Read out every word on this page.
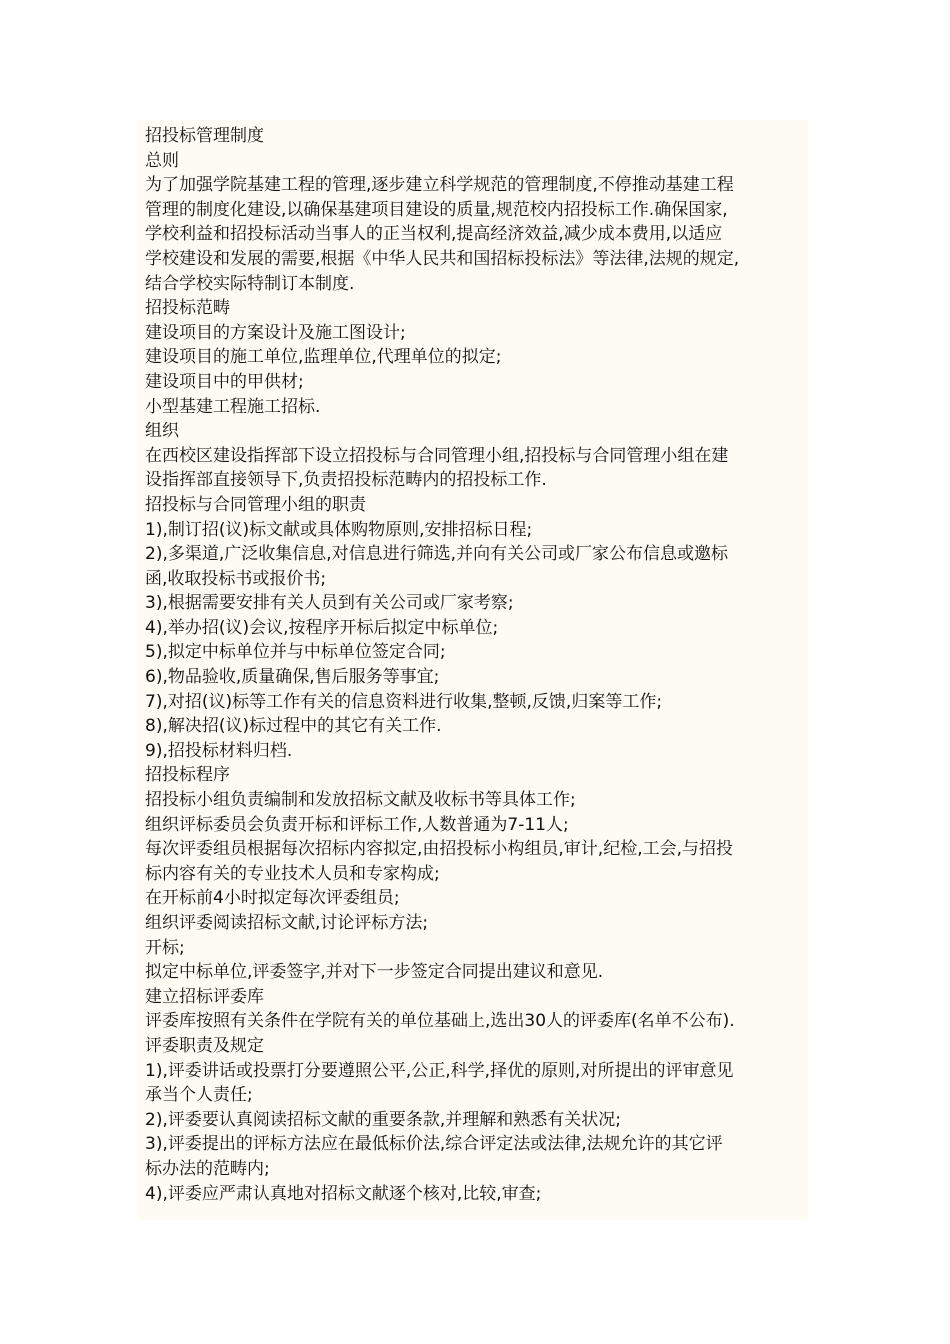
招投标管理制度
总则
为了加强学院基建工程的管理,逐步建立科学规范的管理制度,不停推动基建工程
管理的制度化建设,以确保基建项目建设的质量,规范校内招投标工作.确保国家,
学校利益和招投标活动当事人的正当权利,提高经济效益,减少成本费用,以适应
学校建设和发展的需要,根据《中华人民共和国招标投标法》等法律,法规的规定,
结合学校实际特制订本制度.
招投标范畴
建设项目的方案设计及施工图设计;
建设项目的施工单位,监理单位,代理单位的拟定;
建设项目中的甲供材;
小型基建工程施工招标.
组织
在西校区建设指挥部下设立招投标与合同管理小组,招投标与合同管理小组在建
设指挥部直接领导下,负责招投标范畴内的招投标工作.
招投标与合同管理小组的职责
1),制订招(议)标文献或具体购物原则,安排招标日程;
2),多渠道,广泛收集信息,对信息进行筛选,并向有关公司或厂家公布信息或邀标
函,收取投标书或报价书;
3),根据需要安排有关人员到有关公司或厂家考察;
4),举办招(议)会议,按程序开标后拟定中标单位;
5),拟定中标单位并与中标单位签定合同;
6),物品验收,质量确保,售后服务等事宜;
7),对招(议)标等工作有关的信息资料进行收集,整顿,反馈,归案等工作;
8),解决招(议)标过程中的其它有关工作.
9),招投标材料归档.
招投标程序
招投标小组负责编制和发放招标文献及收标书等具体工作;
组织评标委员会负责开标和评标工作,人数普通为7-11人;
每次评委组员根据每次招标内容拟定,由招投标小构组员,审计,纪检,工会,与招投
标内容有关的专业技术人员和专家构成;
在开标前4小时拟定每次评委组员;
组织评委阅读招标文献,讨论评标方法;
开标;
拟定中标单位,评委签字,并对下一步签定合同提出建议和意见.
建立招标评委库
评委库按照有关条件在学院有关的单位基础上,选出30人的评委库(名单不公布).
评委职责及规定
1),评委讲话或投票打分要遵照公平,公正,科学,择优的原则,对所提出的评审意见
承当个人责任;
2),评委要认真阅读招标文献的重要条款,并理解和熟悉有关状况;
3),评委提出的评标方法应在最低标价法,综合评定法或法律,法规允许的其它评
标办法的范畴内;
4),评委应严肃认真地对招标文献逐个核对,比较,审查;
